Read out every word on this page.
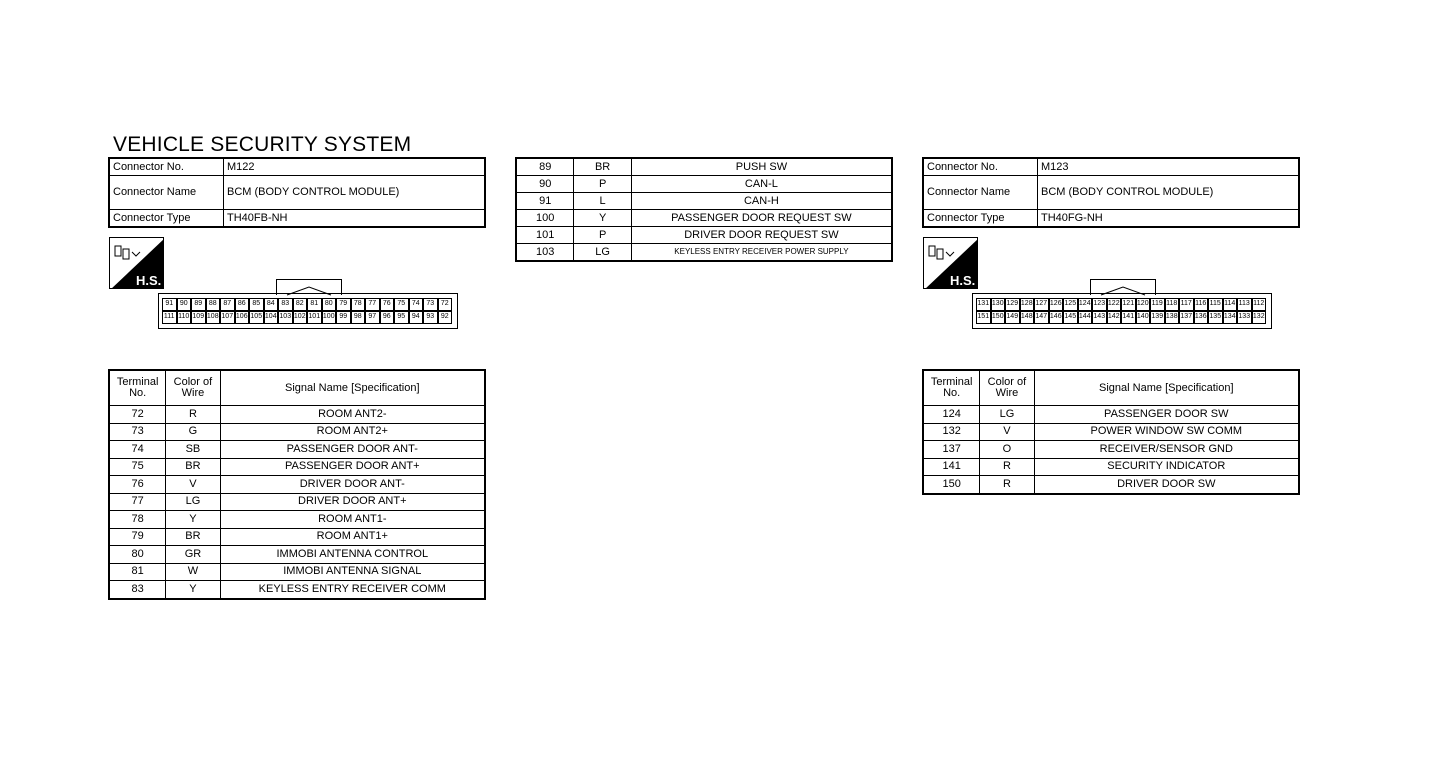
VEHICLE SECURITY SYSTEM
Connector No.	M122
Connector Name	BCM (BODY CONTROL MODULE)
Connector Type	TH40FB-NH
H.S.
91 90 89 88 87 86 85 84 83 82 81 80 79 78 77 76 75 74 73 72
111 110 109 108 107 106 105 104 103 102 101 100 99 98 97 96 95 94 93 92
Terminal No.	Color of Wire	Signal Name [Specification]
72	R	ROOM ANT2-
73	G	ROOM ANT2+
74	SB	PASSENGER DOOR ANT-
75	BR	PASSENGER DOOR ANT+
76	V	DRIVER DOOR ANT-
77	LG	DRIVER DOOR ANT+
78	Y	ROOM ANT1-
79	BR	ROOM ANT1+
80	GR	IMMOBI ANTENNA CONTROL
81	W	IMMOBI ANTENNA SIGNAL
83	Y	KEYLESS ENTRY RECEIVER COMM
89	BR	PUSH SW
90	P	CAN-L
91	L	CAN-H
100	Y	PASSENGER DOOR REQUEST SW
101	P	DRIVER DOOR REQUEST SW
103	LG	KEYLESS ENTRY RECEIVER POWER SUPPLY
Connector No.	M123
Connector Name	BCM (BODY CONTROL MODULE)
Connector Type	TH40FG-NH
H.S.
131 130 129 128 127 126 125 124 123 122 121 120 119 118 117 116 115 114 113 112
151 150 149 148 147 146 145 144 143 142 141 140 139 138 137 136 135 134 133 132
Terminal No.	Color of Wire	Signal Name [Specification]
124	LG	PASSENGER DOOR SW
132	V	POWER WINDOW SW COMM
137	O	RECEIVER/SENSOR GND
141	R	SECURITY INDICATOR
150	R	DRIVER DOOR SW
